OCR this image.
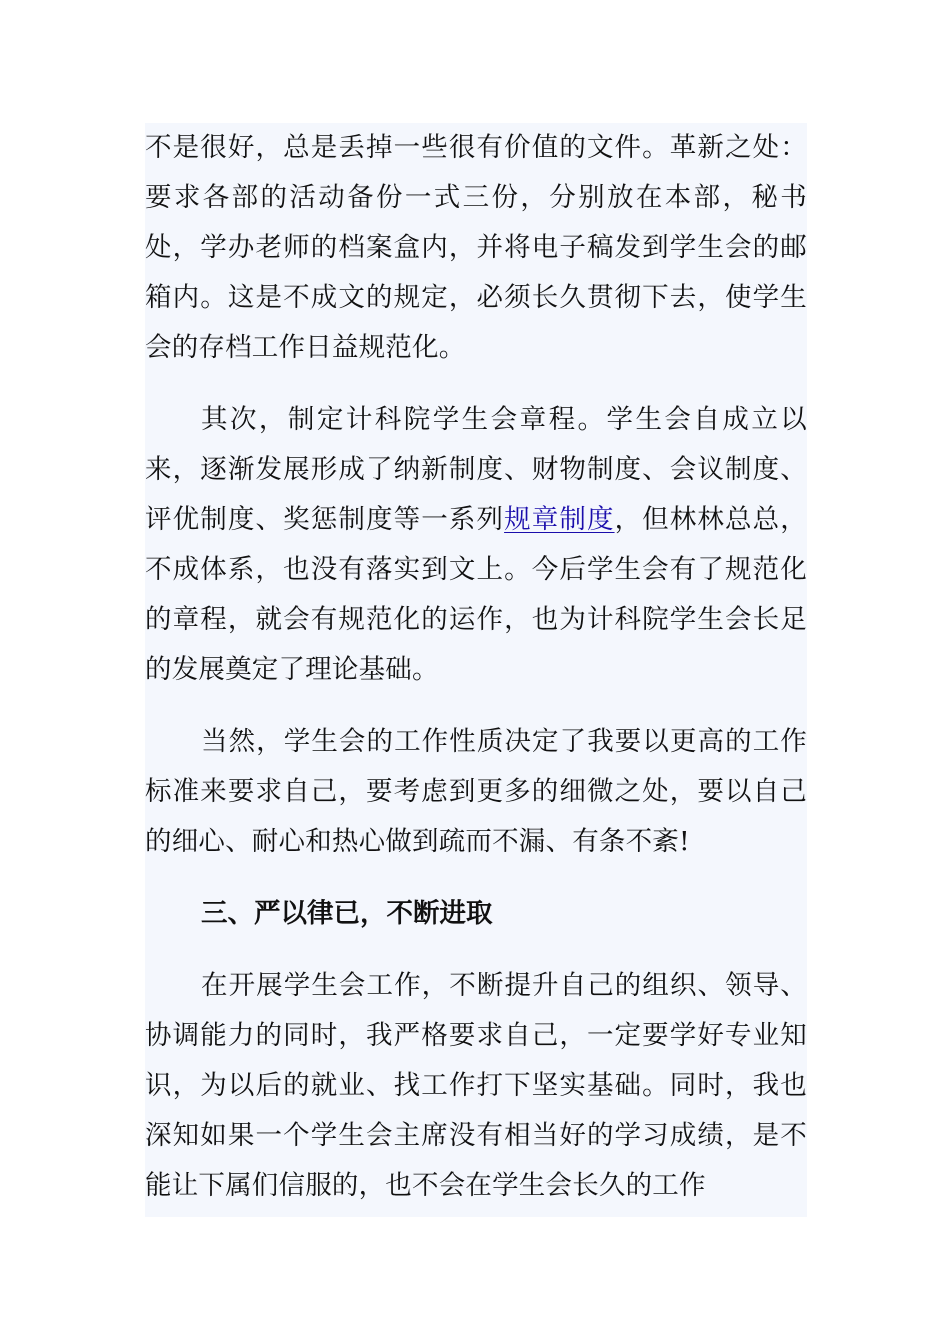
不是很好，总是丢掉一些很有价值的文件。革新之处：要求各部的活动备份一式三份，分别放在本部，秘书处，学办老师的档案盒内，并将电子稿发到学生会的邮箱内。这是不成文的规定，必须长久贯彻下去，使学生会的存档工作日益规范化。

其次，制定计科院学生会章程。学生会自成立以来，逐渐发展形成了纳新制度、财物制度、会议制度、评优制度、奖惩制度等一系列规章制度，但林林总总，不成体系，也没有落实到文上。今后学生会有了规范化的章程，就会有规范化的运作，也为计科院学生会长足的发展奠定了理论基础。

当然，学生会的工作性质决定了我要以更高的工作标准来要求自己，要考虑到更多的细微之处，要以自己的细心、耐心和热心做到疏而不漏、有条不紊!

三、严以律已，不断进取

在开展学生会工作，不断提升自己的组织、领导、协调能力的同时，我严格要求自己，一定要学好专业知识，为以后的就业、找工作打下坚实基础。同时，我也深知如果一个学生会主席没有相当好的学习成绩，是不能让下属们信服的，也不会在学生会长久的工作
